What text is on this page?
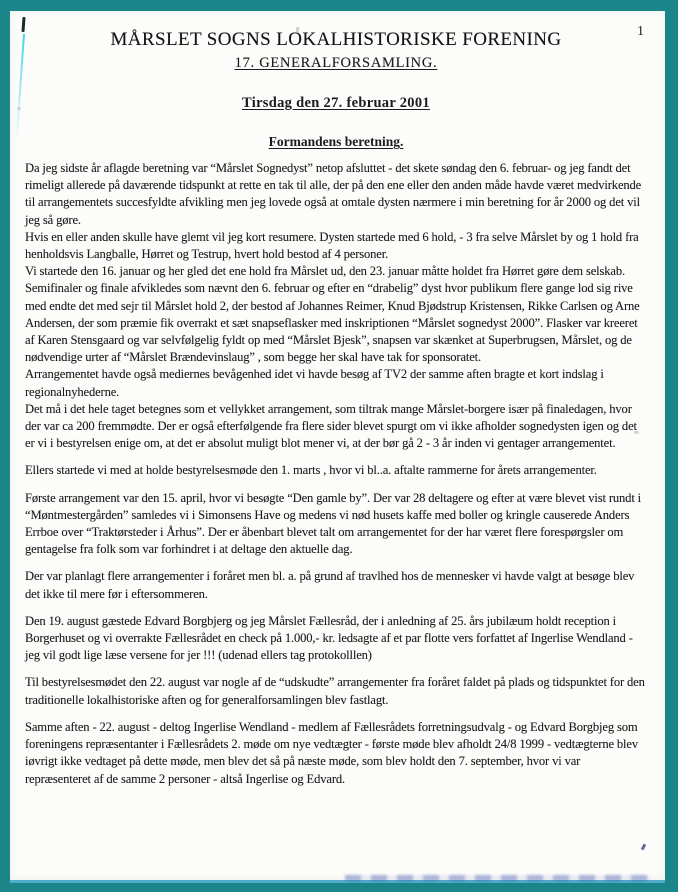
1
MÅRSLET SOGNS LOKALHISTORISKE FORENING
17. GENERALFORSAMLING.
Tirsdag den 27. februar 2001
Formandens beretning.

Da jeg sidste år aflagde beretning var “Mårslet Sognedyst” netop afsluttet - det skete søndag den 6. februar- og jeg fandt det rimeligt allerede på daværende tidspunkt at rette en tak til alle, der på den ene eller den anden måde havde været medvirkende til arrangementets succesfyldte afvikling men jeg lovede også at omtale dysten nærmere i min beretning for år 2000 og det vil jeg så gøre.

Hvis en eller anden skulle have glemt vil jeg kort resumere. Dysten startede med 6 hold, - 3 fra selve Mårslet by og 1 hold fra henholdsvis Langballe, Hørret og Testrup, hvert hold bestod af 4 personer.

Vi startede den 16. januar og her gled det ene hold fra Mårslet ud, den 23. januar måtte holdet fra Hørret gøre dem selskab.

Semifinaler og finale afvikledes som nævnt den 6. februar og efter en “drabelig” dyst hvor publikum flere gange lod sig rive med endte det med sejr til Mårslet hold 2, der bestod af Johannes Reimer, Knud Bjødstrup Kristensen, Rikke Carlsen og Arne Andersen, der som præmie fik overrakt et sæt snapseflasker med inskriptionen “Mårslet sognedyst 2000”. Flasker var kreeret af Karen Stensgaard og var selvfølgelig fyldt op med “Mårslet Bjesk”, snapsen var skænket at Superbrugsen, Mårslet, og de nødvendige urter af “Mårslet Brændevinslaug” , som begge her skal have tak for sponsoratet.

Arrangementet havde også mediernes bevågenhed idet vi havde besøg af TV2 der samme aften bragte et kort indslag i regionalnyhederne.

Det må i det hele taget betegnes som et vellykket arrangement, som tiltrak mange Mårslet-borgere især på finaledagen, hvor der var ca 200 fremmødte. Der er også efterfølgende fra flere sider blevet spurgt om vi ikke afholder sognedysten igen og det er vi i bestyrelsen enige om, at det er absolut muligt blot mener vi, at der bør gå 2 - 3 år inden vi gentager arrangementet.

Ellers startede vi med at holde bestyrelsesmøde den 1. marts , hvor vi bl..a. aftalte rammerne for årets arrangementer.

Første arrangement var den 15. april, hvor vi besøgte “Den gamle by”. Der var 28 deltagere og efter at være blevet vist rundt i “Møntmestergården” samledes vi i Simonsens Have og medens vi nød husets kaffe med boller og kringle causerede Anders Errboe over “Traktørsteder i Århus”. Der er åbenbart blevet talt om arrangementet for der har været flere forespørgsler om gentagelse fra folk som var forhindret i at deltage den aktuelle dag.

Der var planlagt flere arrangementer i foråret men bl. a. på grund af travlhed hos de mennesker vi havde valgt at besøge blev det ikke til mere før i eftersommeren.

Den 19. august gæstede Edvard Borgbjerg og jeg Mårslet Fællesråd, der i anledning af 25. års jubilæum holdt reception i Borgerhuset og vi overrakte Fællesrådet en check på 1.000,- kr. ledsagte af et par flotte vers forfattet af Ingerlise Wendland - jeg vil godt lige læse versene for jer !!! (udenad ellers tag protokolllen)

Til bestyrelsesmødet den 22. august var nogle af de “udskudte” arrangementer fra foråret faldet på plads og tidspunktet for den traditionelle lokalhistoriske aften og for generalforsamlingen blev fastlagt.

Samme aften - 22. august - deltog Ingerlise Wendland - medlem af Fællesrådets forretningsudvalg - og Edvard Borgbjeg som foreningens repræsentanter i Fællesrådets 2. møde om nye vedtægter - første møde blev afholdt 24/8 1999 - vedtægterne blev iøvrigt ikke vedtaget på dette møde, men blev det så på næste møde, som blev holdt den 7. september, hvor vi var repræsenteret af de samme 2 personer - altså Ingerlise og Edvard.
